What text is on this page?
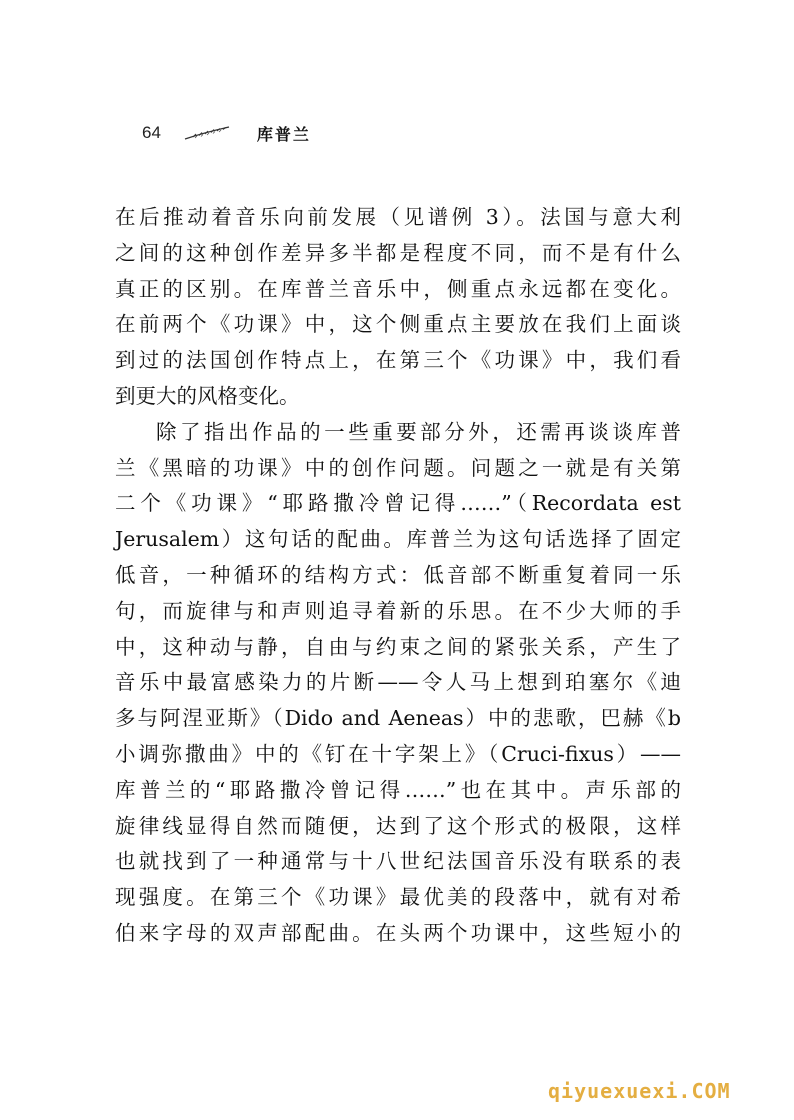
64	库普兰
在后推动着音乐向前发展（见谱例 3）。法国与意大利
之间的这种创作差异多半都是程度不同，而不是有什么
真正的区别。在库普兰音乐中，侧重点永远都在变化。
在前两个《功课》中，这个侧重点主要放在我们上面谈
到过的法国创作特点上，在第三个《功课》中，我们看
到更大的风格变化。
除了指出作品的一些重要部分外，还需再谈谈库普
兰《黑暗的功课》中的创作问题。问题之一就是有关第
二个《功课》“耶路撒冷曾记得……”（Recordata est
Jerusalem）这句话的配曲。库普兰为这句话选择了固定
低音，一种循环的结构方式：低音部不断重复着同一乐
句，而旋律与和声则追寻着新的乐思。在不少大师的手
中，这种动与静，自由与约束之间的紧张关系，产生了
音乐中最富感染力的片断——令人马上想到珀塞尔《迪
多与阿涅亚斯》（Dido and Aeneas）中的悲歌，巴赫《b
小调弥撒曲》中的《钉在十字架上》（Cruci-fixus）——
库普兰的“耶路撒冷曾记得……”也在其中。声乐部的
旋律线显得自然而随便，达到了这个形式的极限，这样
也就找到了一种通常与十八世纪法国音乐没有联系的表
现强度。在第三个《功课》最优美的段落中，就有对希
伯来字母的双声部配曲。在头两个功课中，这些短小的
qiyuexuexi.COM
